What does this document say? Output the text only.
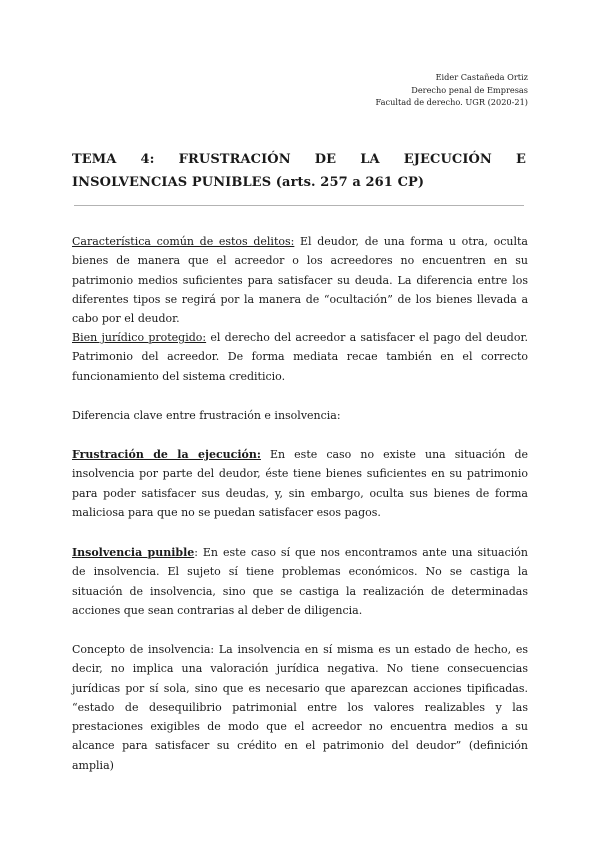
Eider Castañeda Ortiz
Derecho penal de Empresas
Facultad de derecho. UGR (2020-21)
TEMA 4: FRUSTRACIÓN DE LA EJECUCIÓN E INSOLVENCIAS PUNIBLES (arts. 257 a 261 CP)

Característica común de estos delitos: El deudor, de una forma u otra, oculta bienes de manera que el acreedor o los acreedores no encuentren en su patrimonio medios suficientes para satisfacer su deuda. La diferencia entre los diferentes tipos se regirá por la manera de “ocultación” de los bienes llevada a cabo por el deudor.

Bien jurídico protegido: el derecho del acreedor a satisfacer el pago del deudor. Patrimonio del acreedor. De forma mediata recae también en el correcto funcionamiento del sistema crediticio.

Diferencia clave entre frustración e insolvencia:

Frustración de la ejecución: En este caso no existe una situación de insolvencia por parte del deudor, éste tiene bienes suficientes en su patrimonio para poder satisfacer sus deudas, y, sin embargo, oculta sus bienes de forma maliciosa para que no se puedan satisfacer esos pagos.

Insolvencia punible: En este caso sí que nos encontramos ante una situación de insolvencia. El sujeto sí tiene problemas económicos. No se castiga la situación de insolvencia, sino que se castiga la realización de determinadas acciones que sean contrarias al deber de diligencia.

Concepto de insolvencia: La insolvencia en sí misma es un estado de hecho, es decir, no implica una valoración jurídica negativa. No tiene consecuencias jurídicas por sí sola, sino que es necesario que aparezcan acciones tipificadas. “estado de desequilibrio patrimonial entre los valores realizables y las prestaciones exigibles de modo que el acreedor no encuentra medios a su alcance para satisfacer su crédito en el patrimonio del deudor” (definición amplia)
